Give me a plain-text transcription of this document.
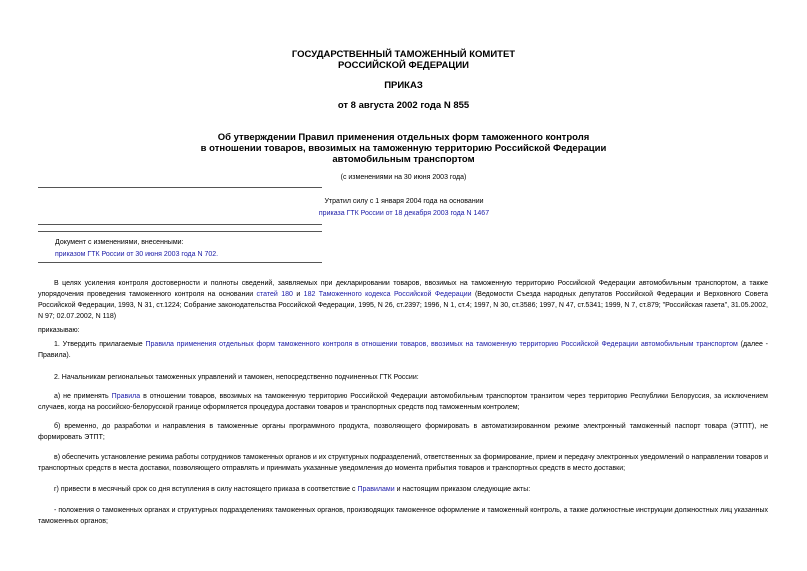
ГОСУДАРСТВЕННЫЙ ТАМОЖЕННЫЙ КОМИТЕТ
РОССИЙСКОЙ ФЕДЕРАЦИИ
ПРИКАЗ
от 8 августа 2002 года N 855
Об утверждении Правил применения отдельных форм таможенного контроля
в отношении товаров, ввозимых на таможенную территорию Российской Федерации
автомобильным транспортом
(с изменениями на 30 июня 2003 года)
Утратил силу с 1 января 2004 года на основании
приказа ГТК России от 18 декабря 2003 года N 1467
Документ с изменениями, внесенными:
приказом ГТК России от 30 июня 2003 года N 702.
В целях усиления контроля достоверности и полноты сведений, заявляемых при декларировании товаров, ввозимых на таможенную территорию Российской Федерации автомобильным транспортом, а также упорядочения проведения таможенного контроля на основании статей 180 и 182 Таможенного кодекса Российской Федерации (Ведомости Съезда народных депутатов Российской Федерации и Верховного Совета Российской Федерации, 1993, N 31, ст.1224; Собрание законодательства Российской Федерации, 1995, N 26, ст.2397; 1996, N 1, ст.4; 1997, N 30, ст.3586; 1997, N 47, ст.5341; 1999, N 7, ст.879; "Российская газета", 31.05.2002, N 97; 02.07.2002, N 118)
приказываю:
1. Утвердить прилагаемые Правила применения отдельных форм таможенного контроля в отношении товаров, ввозимых на таможенную территорию Российской Федерации автомобильным транспортом (далее - Правила).
2. Начальникам региональных таможенных управлений и таможен, непосредственно подчиненных ГТК России:
а) не применять Правила в отношении товаров, ввозимых на таможенную территорию Российской Федерации автомобильным транспортом транзитом через территорию Республики Белоруссия, за исключением случаев, когда на российско-белорусской границе оформляется процедура доставки товаров и транспортных средств под таможенным контролем;
б) временно, до разработки и направления в таможенные органы программного продукта, позволяющего формировать в автоматизированном режиме электронный таможенный паспорт товара (ЭТПТ), не формировать ЭТПТ;
в) обеспечить установление режима работы сотрудников таможенных органов и их структурных подразделений, ответственных за формирование, прием и передачу электронных уведомлений о направлении товаров и транспортных средств в места доставки, позволяющего отправлять и принимать указанные уведомления до момента прибытия товаров и транспортных средств в место доставки;
г) привести в месячный срок со дня вступления в силу настоящего приказа в соответствие с Правилами и настоящим приказом следующие акты:
- положения о таможенных органах и структурных подразделениях таможенных органов, производящих таможенное оформление и таможенный контроль, а также должностные инструкции должностных лиц указанных таможенных органов;
